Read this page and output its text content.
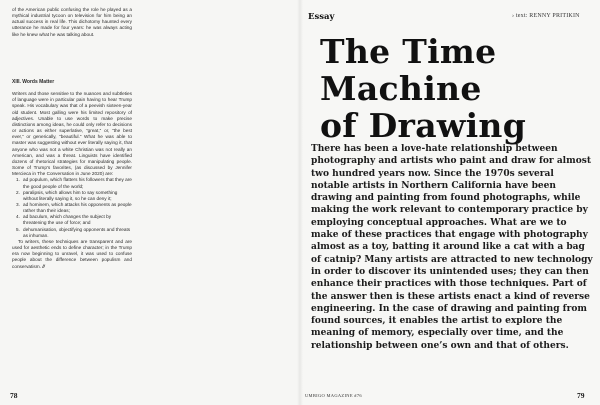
of the American public confusing the role he played as a mythical industrial tycoon on television for him being an actual success in real life. This dichotomy haunted every utterance he made for four years: he was always acting like he knew what he was talking about.
XIII. Words Matter
Writers and those sensitive to the nuances and subtleties of language were in particular pain having to hear Trump speak. His vocabulary was that of a peevish sixteen-year old student. Most galling were his limited repository of adjectives. Unable to use words to make precise distinctions among ideas, he could only refer to decisions or actions as either superlative, “great,” or, “the best ever,” or generically, “beautiful.” What he was able to master was suggesting without ever literally saying it, that anyone who was not a white Christian was not really an American, and was a threat. Linguists have identified dozens of rhetorical strategies for manipulating people. Some of Trump’s favorites, (as discussed by Jennifer Mercieca in The Conversation in June 2020) are:
1. ad populum, which flatters his followers that they are the good people of the world;
2. paralipsis, which allows him to say something without literally saying it, so he can deny it;
3. ad hominem, which attacks his opponents as people rather than their ideas;
4. ad baculum, which changes the subject by threatening the use of force; and
5. dehumanisation, objectifying opponents and threats as inhuman.
To writers, these techniques are transparent and are used for aesthetic ends to define character; in the Trump era now beginning to unravel, it was used to confuse people about the difference between populism and conservatism. //
78
Essay	› text: RENNY PRITIKIN
The Time
Machine
of Drawing

There has been a love-hate relationship between photography and artists who paint and draw for almost two hundred years now. Since the 1970s several notable artists in Northern California have been drawing and painting from found photographs, while making the work relevant to contemporary practice by employing conceptual approaches. What are we to make of these practices that engage with photography almost as a toy, batting it around like a cat with a bag of catnip? Many artists are attracted to new technology in order to discover its unintended uses; they can then enhance their practices with those techniques. Part of the answer then is these artists enact a kind of reverse engineering. In the case of drawing and painting from found sources, it enables the artist to explore the meaning of memory, especially over time, and the relationship between one’s own and that of others.

UMBIGO MAGAZINE #76	79
